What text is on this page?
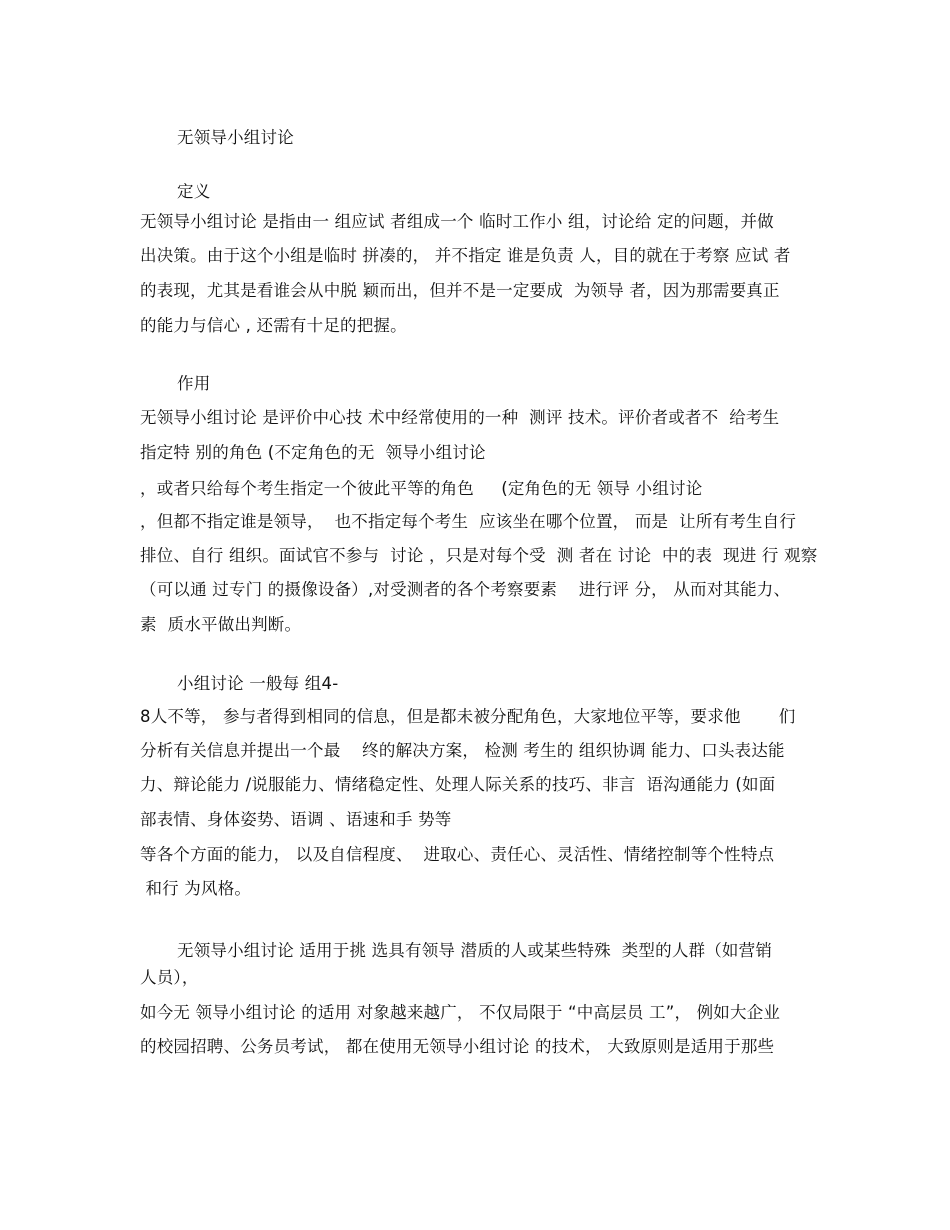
无领导小组讨论
定义
无领导小组讨论 是指由一 组应试 者组成一个 临时工作小 组，讨论给 定的问题，并做
出决策。由于这个小组是临时 拼凑的， 并不指定 谁是负责 人，目的就在于考察 应试 者
的表现，尤其是看谁会从中脱 颖而出，但并不是一定要成  为领导 者，因为那需要真正
的能力与信心 , 还需有十足的把握。
作用
无领导小组讨论 是评价中心技 术中经常使用的一种  测评 技术。评价者或者不  给考生
指定特 别的角色 (不定角色的无  领导小组讨论
，或者只给每个考生指定一个彼此平等的角色     (定角色的无 领导 小组讨论
，但都不指定谁是领导，  也不指定每个考生  应该坐在哪个位置， 而是  让所有考生自行
排位、自行 组织。面试官不参与  讨论 ，只是对每个受  测 者在 讨论  中的表  现进 行 观察
（可以通 过专门 的摄像设备）,对受测者的各个考察要素    进行评 分， 从而对其能力、
素  质水平做出判断。
小组讨论 一般每 组4-
8人不等， 参与者得到相同的信息，但是都未被分配角色，大家地位平等，要求他       们
分析有关信息并提出一个最    终的解决方案， 检测 考生的 组织协调 能力、口头表达能
力、辩论能力 /说服能力、情绪稳定性、处理人际关系的技巧、非言  语沟通能力 (如面
部表情、身体姿势、语调 、语速和手 势等
等各个方面的能力， 以及自信程度、  进取心、责任心、灵活性、情绪控制等个性特点
和行 为风格。
无领导小组讨论 适用于挑 选具有领导 潜质的人或某些特殊  类型的人群（如营销
人员），
如今无 领导小组讨论 的适用 对象越来越广， 不仅局限于 “中高层员 工”， 例如大企业
的校园招聘、公务员考试， 都在使用无领导小组讨论 的技术， 大致原则是适用于那些
